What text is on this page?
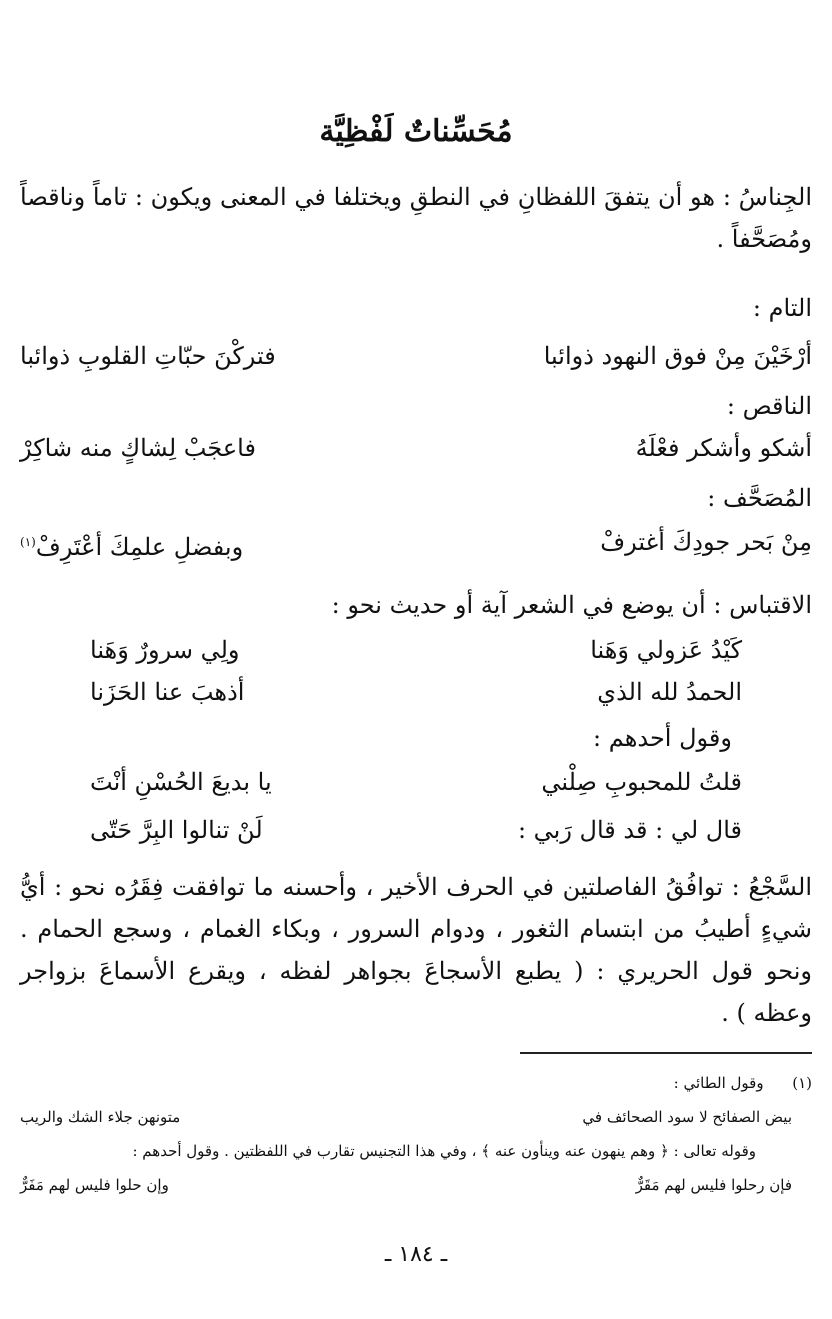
مُحَسِّناتٌ لَفْظِيَّة
الجِناسُ : هو أن يتفقَ اللفظانِ في النطقِ ويختلفا في المعنى ويكون : تاماً وناقصاً ومُصَحَّفاً .
التام :
أرْخَيْنَ مِنْ فوق النهود ذوائبا
فتركْنَ حبّاتِ القلوبِ ذوائبا
الناقص :
أشكو وأشكر فعْلَهُ
فاعجَبْ لِشاكٍ منه شاكِرْ
المُصَحَّف :
مِنْ بَحر جودِكَ أغترفْ
وبفضلِ علمِكَ أعْتَرِفْ$^{(١)}$
الاقتباس : أن يوضع في الشعر آية أو حديث نحو :
كَيْدُ عَزولي وَهَنا
ولِي سرورٌ وَهَنا
الحمدُ لله الذي
أذهبَ عنا الحَزَنا
وقول أحدهم :
قلتُ للمحبوبِ صِلْني
يا بديعَ الحُسْنِ أنْتَ
قال لي : قد قال رَبي :
لَنْ تنالوا البِرَّ حَتّى
السَّجْعُ : توافُقُ الفاصلتين في الحرف الأخير ، وأحسنه ما توافقت فِقَرُه نحو : أيُّ شيءٍ أطيبُ من ابتسام الثغور ، ودوام السرور ، وبكاء الغمام ، وسجع الحمام . ونحو قول الحريري : ( يطبع الأسجاعَ بجواهر لفظه ، ويقرع الأسماعَ بزواجر وعظه ) .
(١)      وقول الطائي :
بيض الصفائح لا سود الصحائف في
متونهن جلاء الشك والريب
وقوله تعالى : ﴿ وهم ينهون عنه وينأون عنه ﴾ ، وفي هذا التجنيس تقارب في اللفظتين . وقول أحدهم :
فإن رحلوا فليس لهم مَقَرٌّ
وإن حلوا فليس لهم مَفَرٌّ
ـ ١٨٤ ـ
